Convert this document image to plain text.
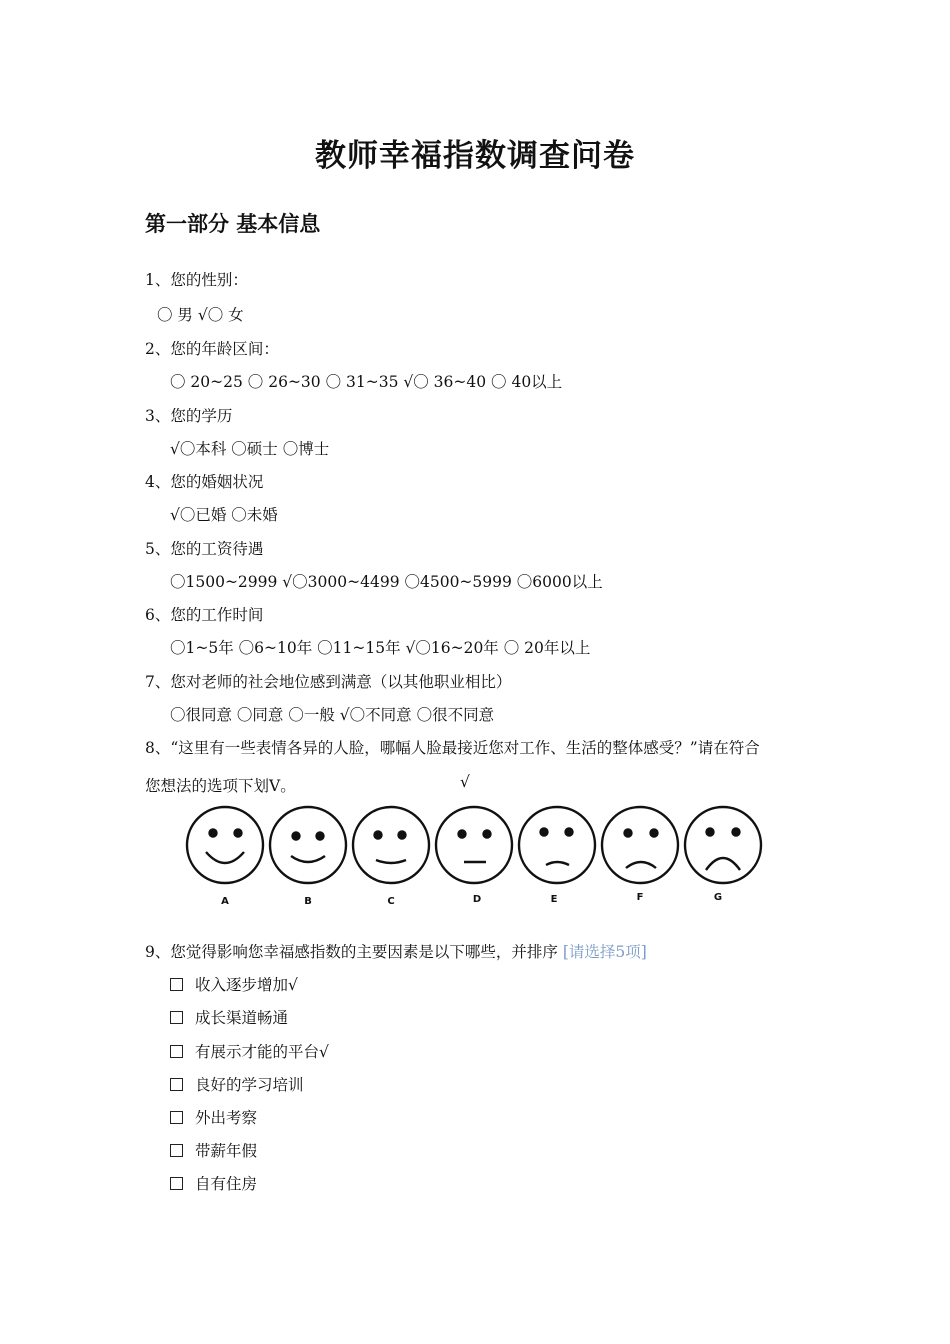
教师幸福指数调查问卷
第一部分 基本信息
1、您的性别：
〇 男 √〇 女
2、您的年龄区间：
〇 20~25 〇 26~30 〇 31~35 √〇 36~40 〇 40以上
3、您的学历
√〇本科 〇硕士 〇博士
4、您的婚姻状况
√〇已婚 〇未婚
5、您的工资待遇
〇1500~2999 √〇3000~4499 〇4500~5999 〇6000以上
6、您的工作时间
〇1~5年 〇6~10年 〇11~15年 √〇16~20年 〇 20年以上
7、您对老师的社会地位感到满意（以其他职业相比）
〇很同意 〇同意 〇一般 √〇不同意 〇很不同意
8、“这里有一些表情各异的人脸，哪幅人脸最接近您对工作、生活的整体感受？”请在符合
您想法的选项下划V。	√
A	B	C	D	E	F	G
9、您觉得影响您幸福感指数的主要因素是以下哪些，并排序 [请选择5项]
收入逐步增加√
成长渠道畅通
有展示才能的平台√
良好的学习培训
外出考察
带薪年假
自有住房
